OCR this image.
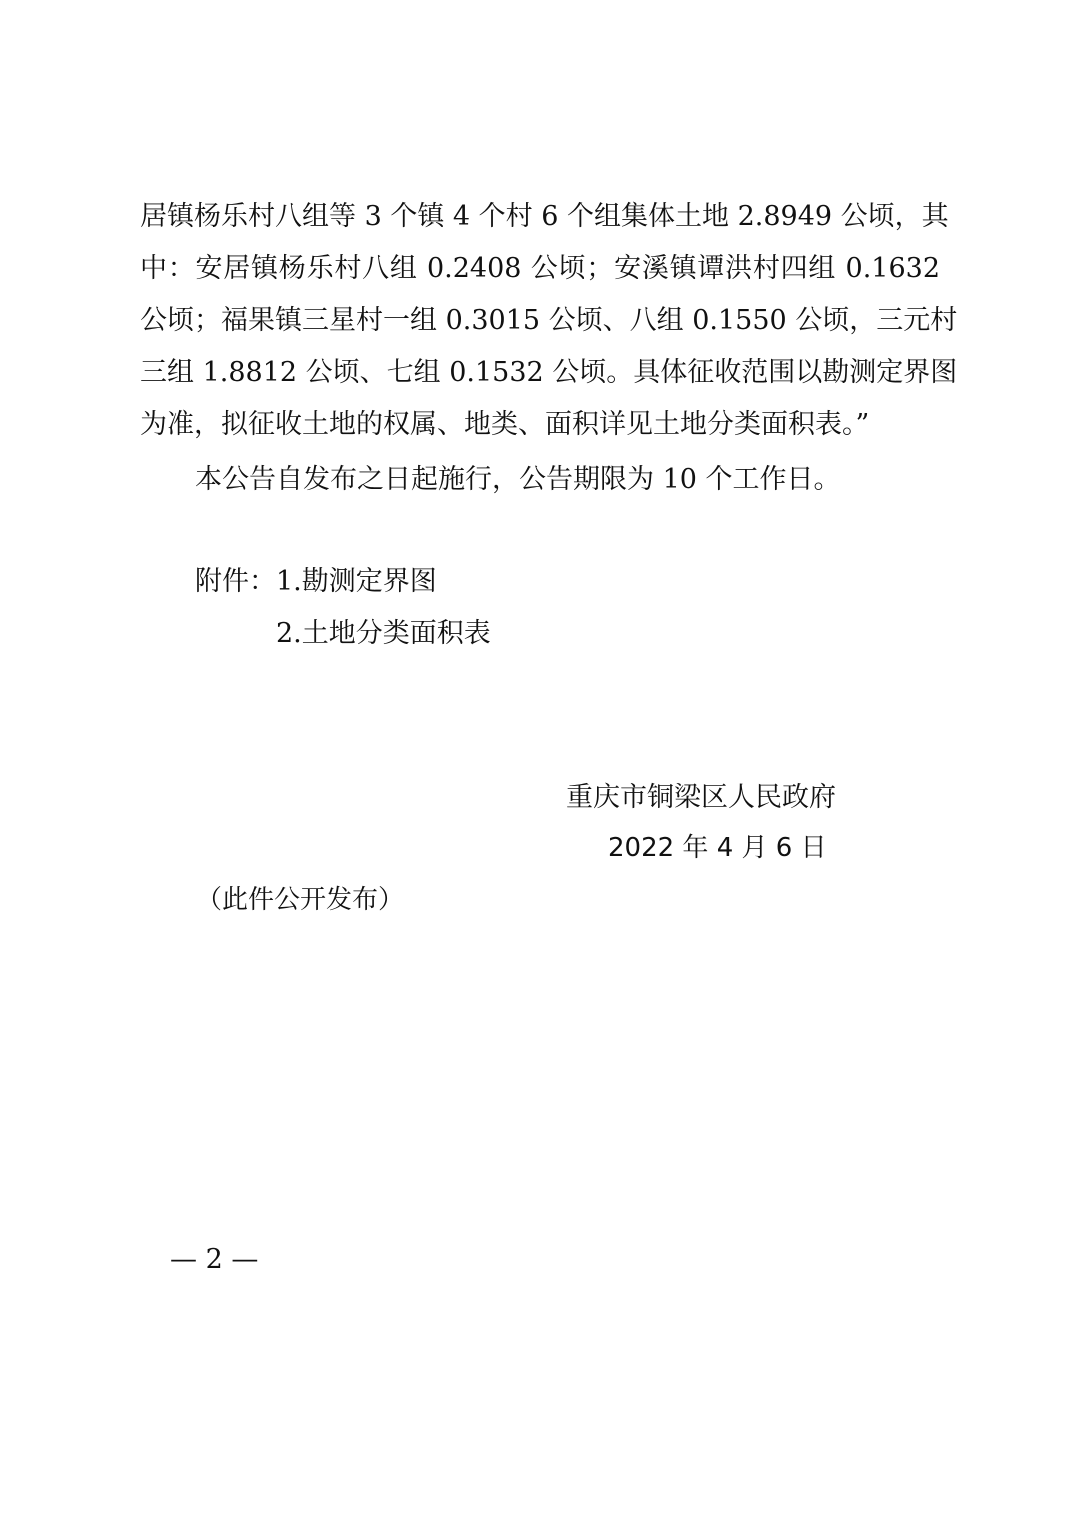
居镇杨乐村八组等 3 个镇 4 个村 6 个组集体土地 2.8949 公顷，其
中：安居镇杨乐村八组 0.2408 公顷；安溪镇谭洪村四组 0.1632
公顷；福果镇三星村一组 0.3015 公顷、八组 0.1550 公顷，三元村
三组 1.8812 公顷、七组 0.1532 公顷。具体征收范围以勘测定界图
为准，拟征收土地的权属、地类、面积详见土地分类面积表。”
本公告自发布之日起施行，公告期限为 10 个工作日。
附件：1.勘测定界图
2.土地分类面积表
重庆市铜梁区人民政府
2022 年 4 月 6 日
（此件公开发布）
— 2 —
